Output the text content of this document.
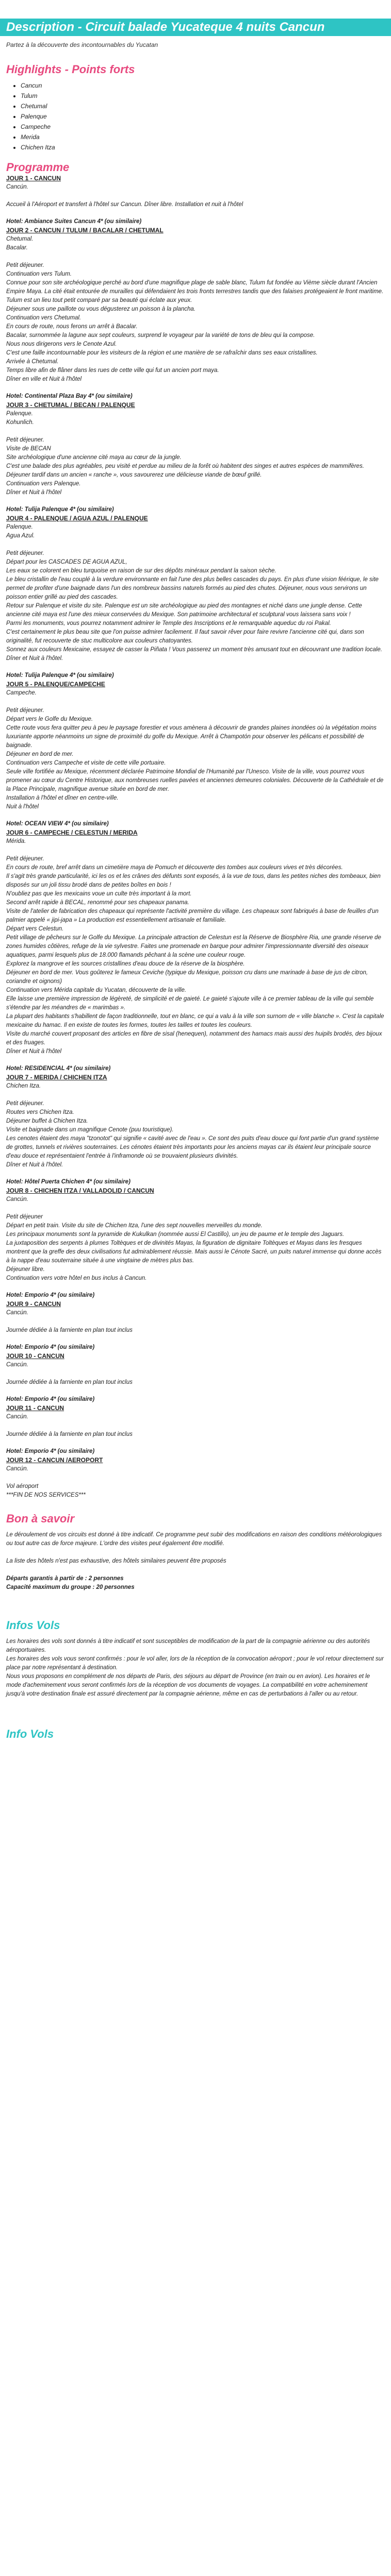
Description - Circuit balade Yucateque 4 nuits Cancun
Partez à la découverte des incontournables du Yucatan
Highlights - Points forts
• Cancun
• Tulum
• Chetumal
• Palenque
• Campeche
• Merida
• Chichen Itza
Programme

JOUR 1 - CANCUN

Cancún.

Accueil à l'Aéroport et transfert à l'hôtel sur Cancun. Dîner libre. Installation et nuit à l'hôtel

Hotel: Ambiance Suites Cancun 4* (ou similaire)

JOUR 2 - CANCUN / TULUM / BACALAR / CHETUMAL

Chetumal.

Bacalar.

Petit déjeuner.

Continuation vers Tulum.

Connue pour son site archéologique perché au bord d'une magnifique plage de sable blanc, Tulum fut fondée au Vième siècle durant l'Ancien Empire Maya. La cité était entourée de murailles qui défendaient les trois fronts terrestres tandis que des falaises protégeaient le front maritime. Tulum est un lieu tout petit comparé par sa beauté qui éclate aux yeux.

Déjeuner sous une paillote ou vous dégusterez un poisson à la plancha.

Continuation vers Chetumal.

En cours de route, nous ferons un arrêt à Bacalar.

Bacalar, surnommée la lagune aux sept couleurs, surprend le voyageur par la variété de tons de bleu qui la compose.

Nous nous dirigerons vers le Cenote Azul.

C'est une faille incontournable pour les visiteurs de la région et une manière de se rafraîchir dans ses eaux cristallines.

Arrivée à Chetumal.

Temps libre afin de flâner dans les rues de cette ville qui fut un ancien port maya.

Dîner en ville et Nuit à l'hôtel

Hotel: Continental Plaza Bay 4* (ou similaire)

JOUR 3 - CHETUMAL / BECAN / PALENQUE

Palenque.

Kohunlich.

Petit déjeuner.

Visite de BECAN

Site archéologique d'une ancienne cité maya au cœur de la jungle.

C'est une balade des plus agréables, peu visité et perdue au milieu de la forêt où habitent des singes et autres espèces de mammifères.

Déjeuner tardif dans un ancien « ranche », vous savourerez une délicieuse viande de bœuf grillé.

Continuation vers Palenque.

Dîner et Nuit à l'hôtel

Hotel: Tulija Palenque 4* (ou similaire)

JOUR 4 - PALENQUE / AGUA AZUL / PALENQUE

Palenque.

Agua Azul.

Petit déjeuner.

Départ pour les CASCADES DE AGUA AZUL,

Les eaux se colorent en bleu turquoise en raison de sur des dépôts minéraux pendant la saison sèche.

Le bleu cristallin de l'eau couplé à la verdure environnante en fait l'une des plus belles cascades du pays. En plus d'une vision féérique, le site permet de profiter d'une baignade dans l'un des nombreux bassins naturels formés au pied des chutes. Déjeuner, nous vous servirons un poisson entier grillé au pied des cascades.

Retour sur Palenque et visite du site. Palenque est un site archéologique au pied des montagnes et niché dans une jungle dense. Cette ancienne cité maya est l'une des mieux conservées du Mexique. Son patrimoine architectural et sculptural vous laissera sans voix !

Parmi les monuments, vous pourrez notamment admirer le Temple des Inscriptions et le remarquable aqueduc du roi Pakal.

C'est certainement le plus beau site que l'on puisse admirer facilement. Il faut savoir rêver pour faire revivre l'ancienne cité qui, dans son originalité, fut recouverte de stuc multicolore aux couleurs chatoyantes.

Sonnez aux couleurs Mexicaine, essayez de casser la Piñata ! Vous passerez un moment très amusant tout en découvrant une tradition locale.

Dîner et Nuit à l'hôtel.

Hotel: Tulija Palenque 4* (ou similaire)

JOUR 5 - PALENQUE/CAMPECHE

Campeche.

Petit déjeuner.

Départ vers le Golfe du Mexique.

Cette route vous fera quitter peu à peu le paysage forestier et vous amènera à découvrir de grandes plaines inondées où la végétation moins luxuriante apporte néanmoins un signe de proximité du golfe du Mexique. Arrêt à Champotón pour observer les pélicans et possibilité de baignade.

Déjeuner en bord de mer.

Continuation vers Campeche et visite de cette ville portuaire.

Seule ville fortifiée au Mexique, récemment déclarée Patrimoine Mondial de l'Humanité par l'Unesco. Visite de la ville, vous pourrez vous promener au cœur du Centre Historique, aux nombreuses ruelles pavées et anciennes demeures coloniales. Découverte de la Cathédrale et de la Place Principale, magnifique avenue située en bord de mer.

Installation à l'hôtel et dîner en centre-ville.

Nuit à l'hôtel

Hotel: OCEAN VIEW 4* (ou similaire)

JOUR 6 - CAMPECHE / CELESTUN / MERIDA

Mérida.

Petit déjeuner.

En cours de route, bref arrêt dans un cimetière maya de Pomuch et découverte des tombes aux couleurs vives et très décorées.

Il s'agit très grande particularité, ici les os et les crânes des défunts sont exposés, à la vue de tous, dans les petites niches des tombeaux, bien disposés sur un joli tissu brodé dans de petites boîtes en bois !

N'oubliez pas que les mexicains voue un culte très important à la mort.

Second arrêt rapide à BECAL, renommé pour ses chapeaux panama.

Visite de l'atelier de fabrication des chapeaux qui représente l'activité première du village. Les chapeaux sont fabriqués à base de feuilles d'un palmier appelé « jipi-japa » La production est essentiellement artisanale et familiale.

Départ vers Celestun.

Petit village de pêcheurs sur le Golfe du Mexique. La principale attraction de Celestun est la Réserve de Biosphère Ria, une grande réserve de zones humides côtières, refuge de la vie sylvestre. Faites une promenade en barque pour admirer l'impressionnante diversité des oiseaux aquatiques, parmi lesquels plus de 18.000 flamands pêchant à la scène une couleur rouge.

Explorez la mangrove et les sources cristallines d'eau douce de la réserve de la biosphère.

Déjeuner en bord de mer. Vous goûterez le fameux Ceviche (typique du Mexique, poisson cru dans une marinade à base de jus de citron, coriandre et oignons)

Continuation vers Mérida capitale du Yucatan, découverte de la ville.

Elle laisse une première impression de légèreté, de simplicité et de gaieté. Le gaieté s'ajoute ville à ce premier tableau de la ville qui semble s'étendre par les méandres de « marimbas ».

La plupart des habitants s'habillent de façon traditionnelle, tout en blanc, ce qui a valu à la ville son surnom de « ville blanche ». C'est la capitale mexicaine du hamac. Il en existe de toutes les formes, toutes les tailles et toutes les couleurs.

Visite du marché couvert proposant des articles en fibre de sisal (henequen), notamment des hamacs mais aussi des huipils brodés, des bijoux et des fruages.

Dîner et Nuit à l'hôtel

Hotel: RESIDENCIAL 4* (ou similaire)

JOUR 7 - MERIDA / CHICHEN ITZA

Chichen Itza.

Petit déjeuner.

Routes vers Chichen Itza.

Déjeuner buffet à Chichen Itza.

Visite et baignade dans un magnifique Cenote (puu touristique).

Les cenotes étaient des maya "tzonotot" qui signifie « cavité avec de l'eau ». Ce sont des puits d'eau douce qui font partie d'un grand système de grottes, tunnels et rivières souterraines. Les cénotes étaient très importants pour les anciens mayas car ils étaient leur principale source d'eau douce et représentaient l'entrée à l'inframonde où se trouvaient plusieurs divinités.

Dîner et Nuit à l'hôtel.

Hotel: Hôtel Puerta Chichen 4* (ou similaire)

JOUR 8 - CHICHEN ITZA / VALLADOLID / CANCUN

Cancún.

Petit déjeuner

Départ en petit train. Visite du site de Chichen Itza, l'une des sept nouvelles merveilles du monde.

Les principaux monuments sont la pyramide de Kukulkan (nommée aussi El Castillo), un jeu de paume et le temple des Jaguars.

La juxtaposition des serpents à plumes Toltèques et de divinités Mayas, la figuration de dignitaire Toltèques et Mayas dans les fresques montrent que la greffe des deux civilisations fut admirablement réussie. Mais aussi le Cénote Sacré, un puits naturel immense qui donne accès à la nappe d'eau souterraine située à une vingtaine de mètres plus bas.

Déjeuner libre.

Continuation vers votre hôtel en bus inclus à Cancun.

Hotel: Emporio 4* (ou similaire)

JOUR 9 - CANCUN

Cancún.

Journée dédiée à la farniente en plan tout inclus

Hotel: Emporio 4* (ou similaire)

JOUR 10 - CANCUN

Cancún.

Journée dédiée à la farniente en plan tout inclus

Hotel: Emporio 4* (ou similaire)

JOUR 11 - CANCUN

Cancún.

Journée dédiée à la farniente en plan tout inclus

Hotel: Emporio 4* (ou similaire)

JOUR 12 - CANCUN /AEROPORT

Cancún.

Vol aéroport

***FIN DE NOS SERVICES***

Bon à savoir

Le déroulement de vos circuits est donné à titre indicatif. Ce programme peut subir des modifications en raison des conditions météorologiques ou tout autre cas de force majeure. L'ordre des visites peut également être modifié.

La liste des hôtels n'est pas exhaustive, des hôtels similaires peuvent être proposés

Départs garantis à partir de : 2 personnes

Capacité maximum du groupe : 20 personnes

Infos Vols

Les horaires des vols sont donnés à titre indicatif et sont susceptibles de modification de la part de la compagnie aérienne ou des autorités aéroportuaires.

Les horaires des vols vous seront confirmés : pour le vol aller, lors de la réception de la convocation aéroport ; pour le vol retour directement sur place par notre représentant à destination.

Nous vous proposons en complément de nos départs de Paris, des séjours au départ de Province (en train ou en avion). Les horaires et le mode d'acheminement vous seront confirmés lors de la réception de vos documents de voyages. La compatibilité en votre acheminement jusqu'à votre destination finale est assuré directement par la compagnie aérienne, même en cas de perturbations à l'aller ou au retour.

Info Vols
